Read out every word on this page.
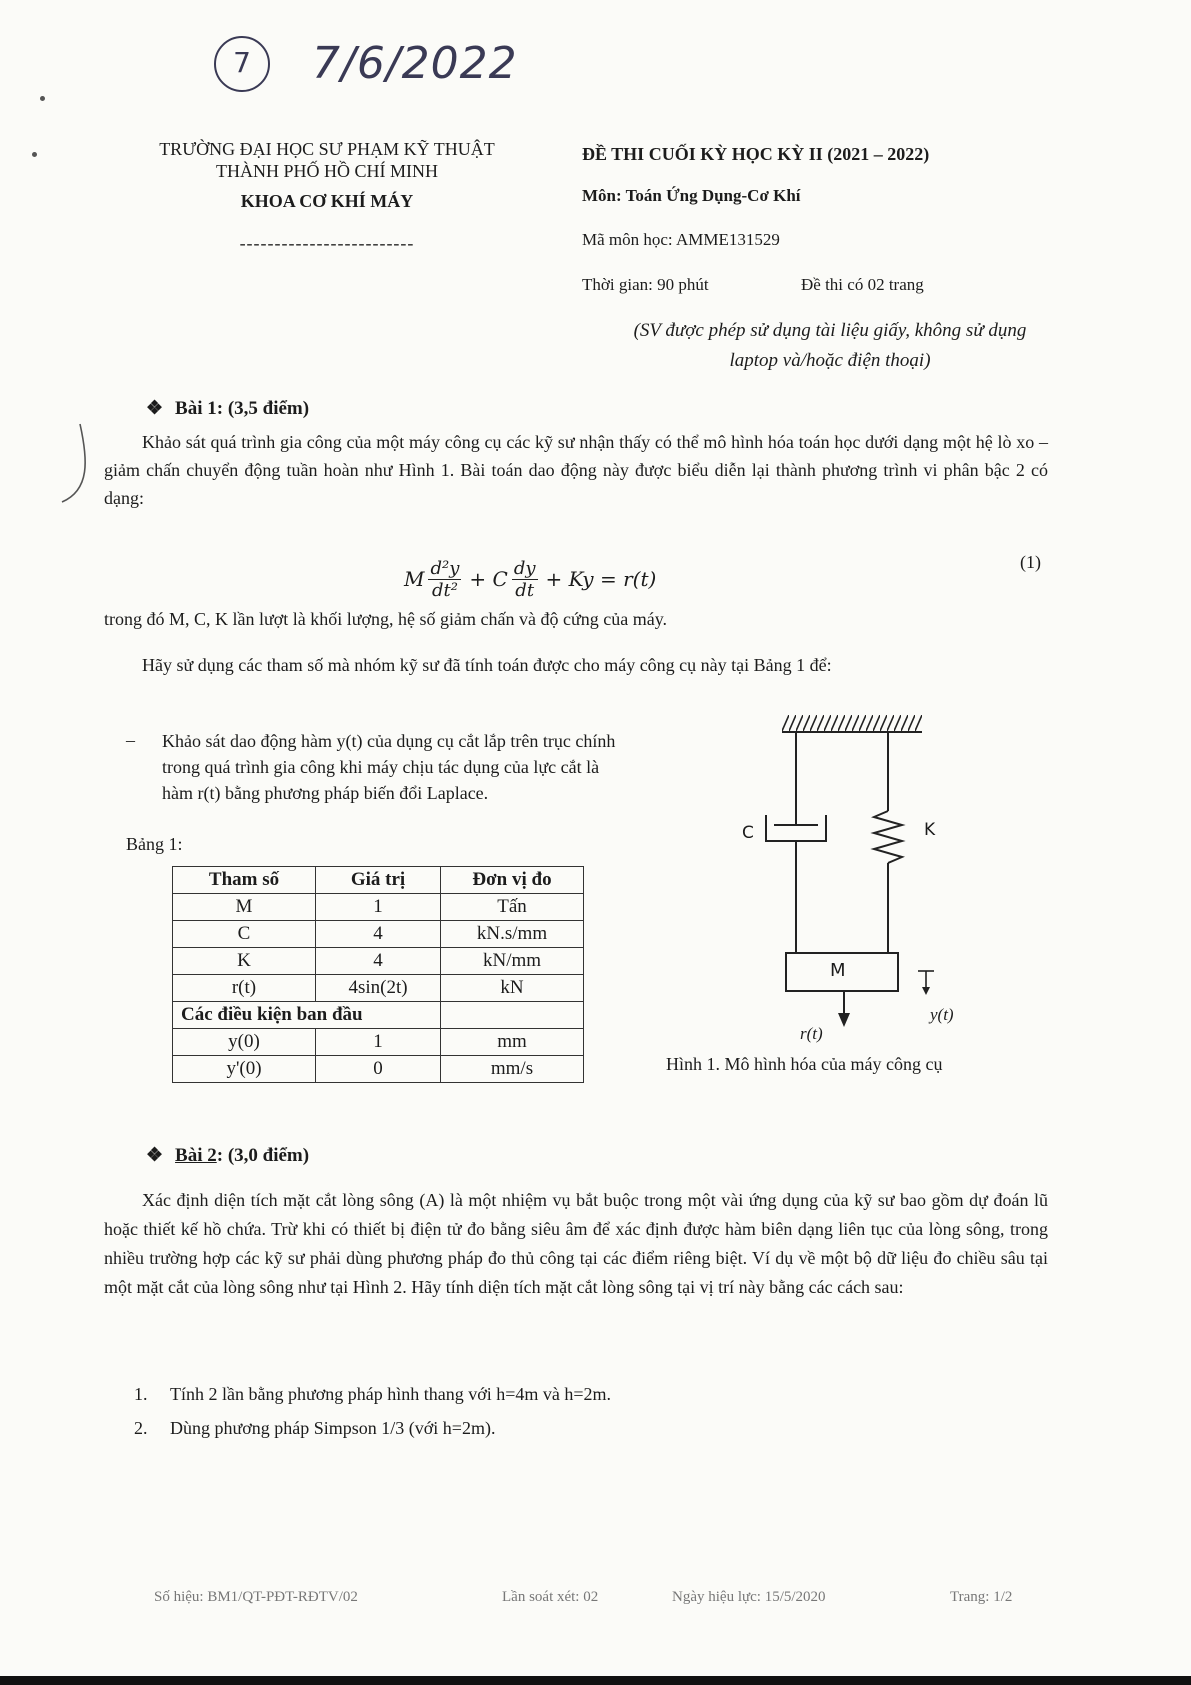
7	7/6/2022
TRƯỜNG ĐẠI HỌC SƯ PHẠM KỸ THUẬT
THÀNH PHỐ HỒ CHÍ MINH
KHOA CƠ KHÍ MÁY
-------------------------
ĐỀ THI CUỐI KỲ HỌC KỲ II (2021 – 2022)
Môn: Toán Ứng Dụng-Cơ Khí
Mã môn học: AMME131529
Thời gian: 90 phút	Đề thi có 02 trang
(SV được phép sử dụng tài liệu giấy, không sử dụng
laptop và/hoặc điện thoại)
❖ Bài 1: (3,5 điểm)
Khảo sát quá trình gia công của một máy công cụ các kỹ sư nhận thấy có thể mô hình hóa toán học dưới dạng một hệ lò xo – giảm chấn chuyển động tuần hoàn như Hình 1. Bài toán dao động này được biểu diễn lại thành phương trình vi phân bậc 2 có dạng:
M d²y
dt² + C dy
dt + Ky = r(t)
(1)
trong đó M, C, K lần lượt là khối lượng, hệ số giảm chấn và độ cứng của máy.
Hãy sử dụng các tham số mà nhóm kỹ sư đã tính toán được cho máy công cụ này tại Bảng 1 để:
– Khảo sát dao động hàm y(t) của dụng cụ cắt lắp trên trục chính trong quá trình gia công khi máy chịu tác dụng của lực cắt là hàm r(t) bằng phương pháp biến đổi Laplace.
Bảng 1:
Tham số	Giá trị	Đơn vị đo
M	1	Tấn
C	4	kN.s/mm
K	4	kN/mm
r(t)	4sin(2t)	kN
Các điều kiện ban đầu		
y(0)	1	mm
y'(0)	0	mm/s
C	K
M
r(t)
y(t)
Hình 1. Mô hình hóa của máy công cụ
❖ Bài 2: (3,0 điểm)
Xác định diện tích mặt cắt lòng sông (A) là một nhiệm vụ bắt buộc trong một vài ứng dụng của kỹ sư bao gồm dự đoán lũ hoặc thiết kế hồ chứa. Trừ khi có thiết bị điện tử đo bằng siêu âm để xác định được hàm biên dạng liên tục của lòng sông, trong nhiều trường hợp các kỹ sư phải dùng phương pháp đo thủ công tại các điểm riêng biệt. Ví dụ về một bộ dữ liệu đo chiều sâu tại một mặt cắt của lòng sông như tại Hình 2. Hãy tính diện tích mặt cắt lòng sông tại vị trí này bằng các cách sau:
1. Tính 2 lần bằng phương pháp hình thang với h=4m và h=2m.
2. Dùng phương pháp Simpson 1/3 (với h=2m).
Số hiệu: BM1/QT-PĐT-RĐTV/02	Lần soát xét: 02	Ngày hiệu lực: 15/5/2020	Trang: 1/2
